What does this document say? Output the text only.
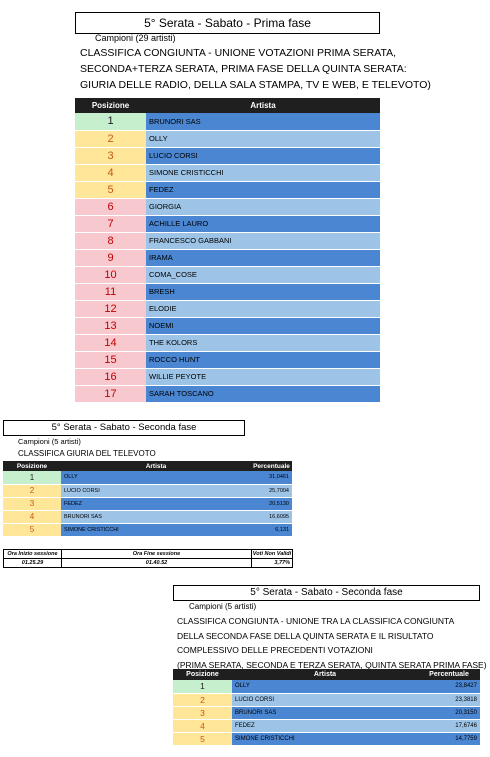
5° Serata - Sabato - Prima fase
Campioni (29 artisti)
CLASSIFICA CONGIUNTA - UNIONE VOTAZIONI PRIMA SERATA,
SECONDA+TERZA SERATA, PRIMA FASE DELLA QUINTA SERATA:
GIURIA DELLE RADIO, DELLA SALA STAMPA, TV E WEB, E TELEVOTO)
Posizione	Artista
1	BRUNORI SAS
2	OLLY
3	LUCIO CORSI
4	SIMONE CRISTICCHI
5	FEDEZ
6	GIORGIA
7	ACHILLE LAURO
8	FRANCESCO GABBANI
9	IRAMA
10	COMA_COSE
11	BRESH
12	ELODIE
13	NOEMI
14	THE KOLORS
15	ROCCO HUNT
16	WILLIE PEYOTE
17	SARAH TOSCANO
5° Serata - Sabato - Seconda fase
Campioni (5 artisti)
CLASSIFICA GIURIA DEL TELEVOTO
Posizione	Artista	Percentuale
1	OLLY	31,0461
2	LUCIO CORSI	25,7004
3	FEDEZ	20,5130
4	BRUNORI SAS	16,6095
5	SIMONE CRISTICCHI	6,131
Ora Inizio sessione	Ora Fine sessione	Voti Non Validi
01.25.29	01.40.52	3,77%
5° Serata - Sabato - Seconda fase
Campioni (5 artisti)
CLASSIFICA CONGIUNTA - UNIONE TRA LA CLASSIFICA CONGIUNTA
DELLA SECONDA FASE DELLA QUINTA SERATA E IL RISULTATO
COMPLESSIVO DELLE PRECEDENTI VOTAZIONI
(PRIMA SERATA, SECONDA E TERZA SERATA, QUINTA SERATA PRIMA FASE)
Posizione	Artista	Percentuale
1	OLLY	23,8427
2	LUCIO CORSI	23,3818
3	BRUNORI SAS	20,3150
4	FEDEZ	17,6746
5	SIMONE CRISTICCHI	14,7759
